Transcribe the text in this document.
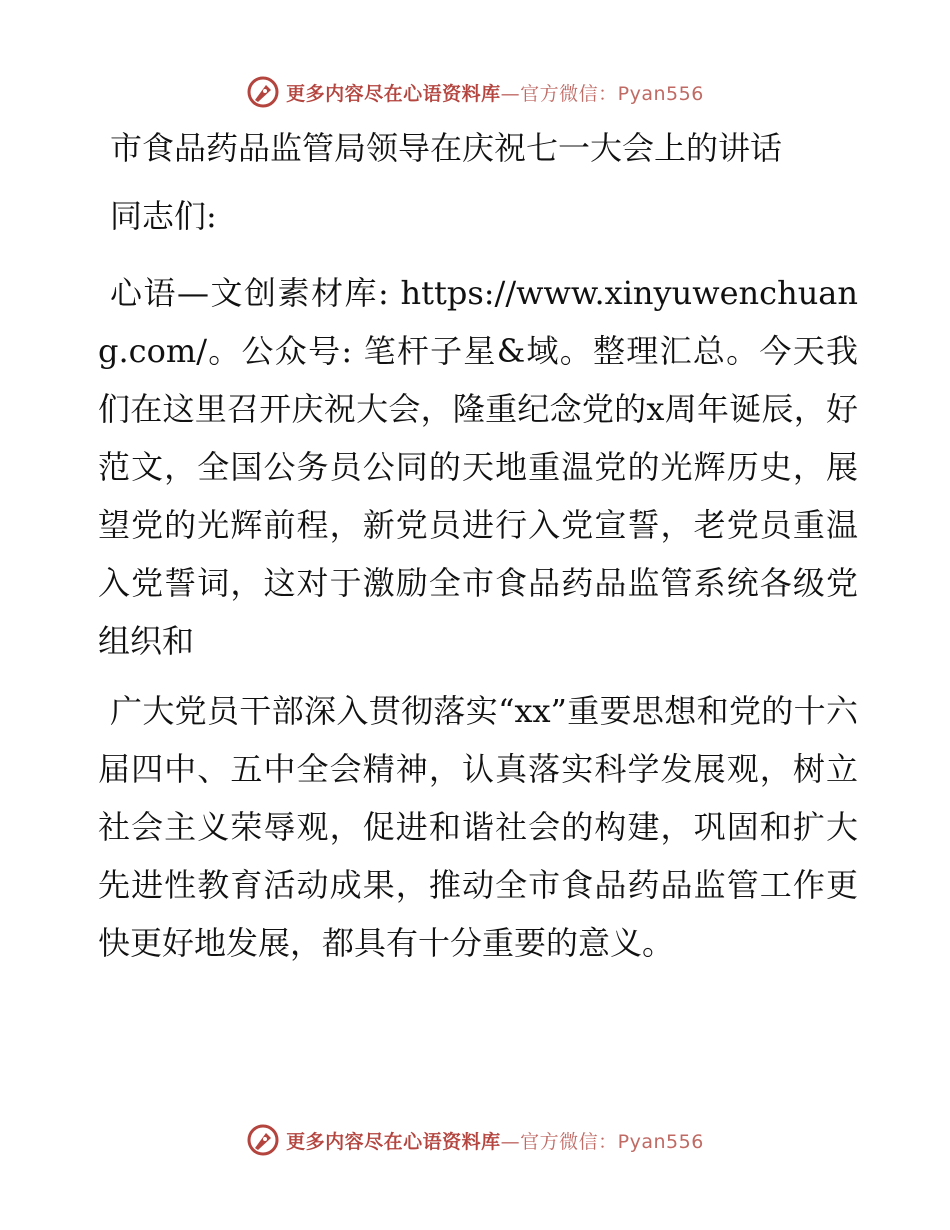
更多内容尽在心语资料库—官方微信：Pyan556
市食品药品监管局领导在庆祝七一大会上的讲话

同志们:

心语—文创素材库: https://www.xinyuwenchuang.com/。公众号: 笔杆子星&域。整理汇总。今天我们在这里召开庆祝大会，隆重纪念党的x周年诞辰，好范文，全国公务员公同的天地重温党的光辉历史，展望党的光辉前程，新党员进行入党宣誓，老党员重温入党誓词，这对于激励全市食品药品监管系统各级党组织和

广大党员干部深入贯彻落实“xx”重要思想和党的十六届四中、五中全会精神，认真落实科学发展观，树立社会主义荣辱观，促进和谐社会的构建，巩固和扩大先进性教育活动成果，推动全市食品药品监管工作更快更好地发展，都具有十分重要的意义。

更多内容尽在心语资料库—官方微信：Pyan556
